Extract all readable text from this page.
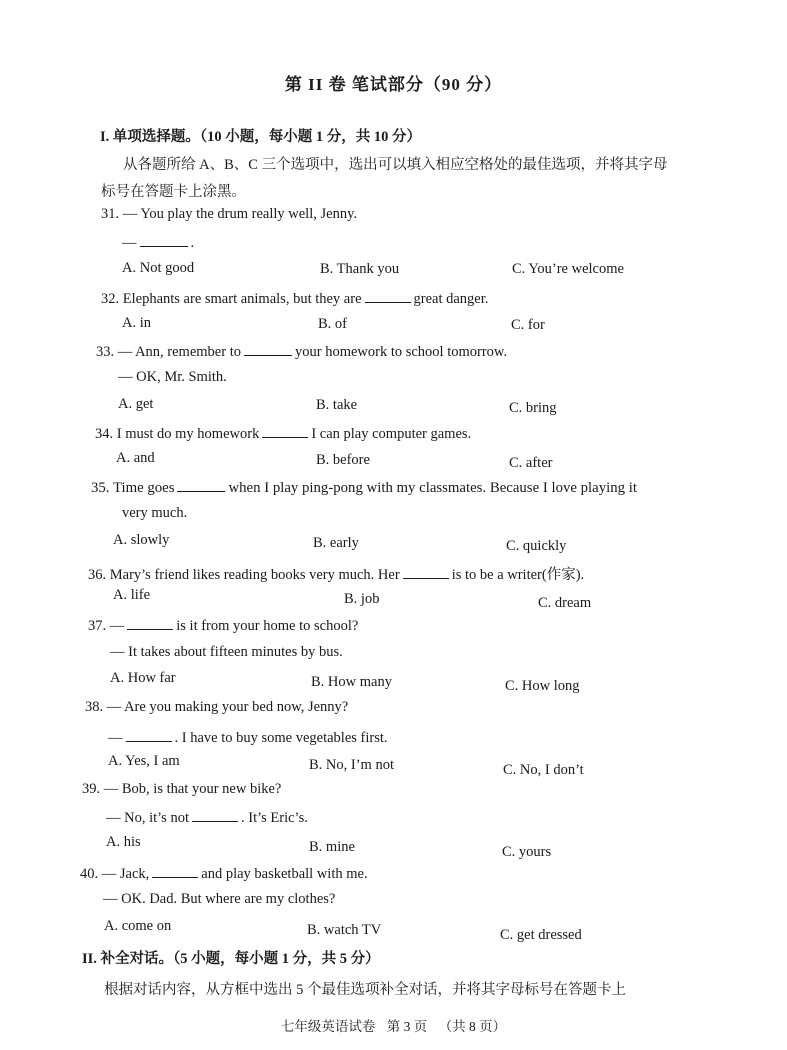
第 II 卷 笔试部分（90 分）
I. 单项选择题。（10 小题，每小题 1 分，共 10 分）
从各题所给 A、B、C 三个选项中，选出可以填入相应空格处的最佳选项，并将其字母
标号在答题卡上涂黑。
31. — You play the drum really well, Jenny.
—	.
A. Not good	B. Thank you	C. You’re welcome
32. Elephants are smart animals, but they are	great danger.
A. in	B. of	C. for
33. — Ann, remember to	your homework to school tomorrow.
— OK, Mr. Smith.
A. get	B. take	C. bring
34. I must do my homework	I can play computer games.
A. and	B. before	C. after
35. Time goes	when I play ping-pong with my classmates. Because I love playing it
very much.
A. slowly	B. early	C. quickly
36. Mary’s friend likes reading books very much. Her	is to be a writer(作家).
A. life	B. job	C. dream
37. —	is it from your home to school?
— It takes about fifteen minutes by bus.
A. How far	B. How many	C. How long
38. — Are you making your bed now, Jenny?
—	. I have to buy some vegetables first.
A. Yes, I am	B. No, I’m not	C. No, I don’t
39. — Bob, is that your new bike?
— No, it’s not	. It’s Eric’s.
A. his	B. mine	C. yours
40. — Jack,	and play basketball with me.
— OK. Dad. But where are my clothes?
A. come on	B. watch TV	C. get dressed
II. 补全对话。（5 小题，每小题 1 分，共 5 分）
根据对话内容，从方框中选出 5 个最佳选项补全对话，并将其字母标号在答题卡上
七年级英语试卷 第 3 页 （共 8 页）
